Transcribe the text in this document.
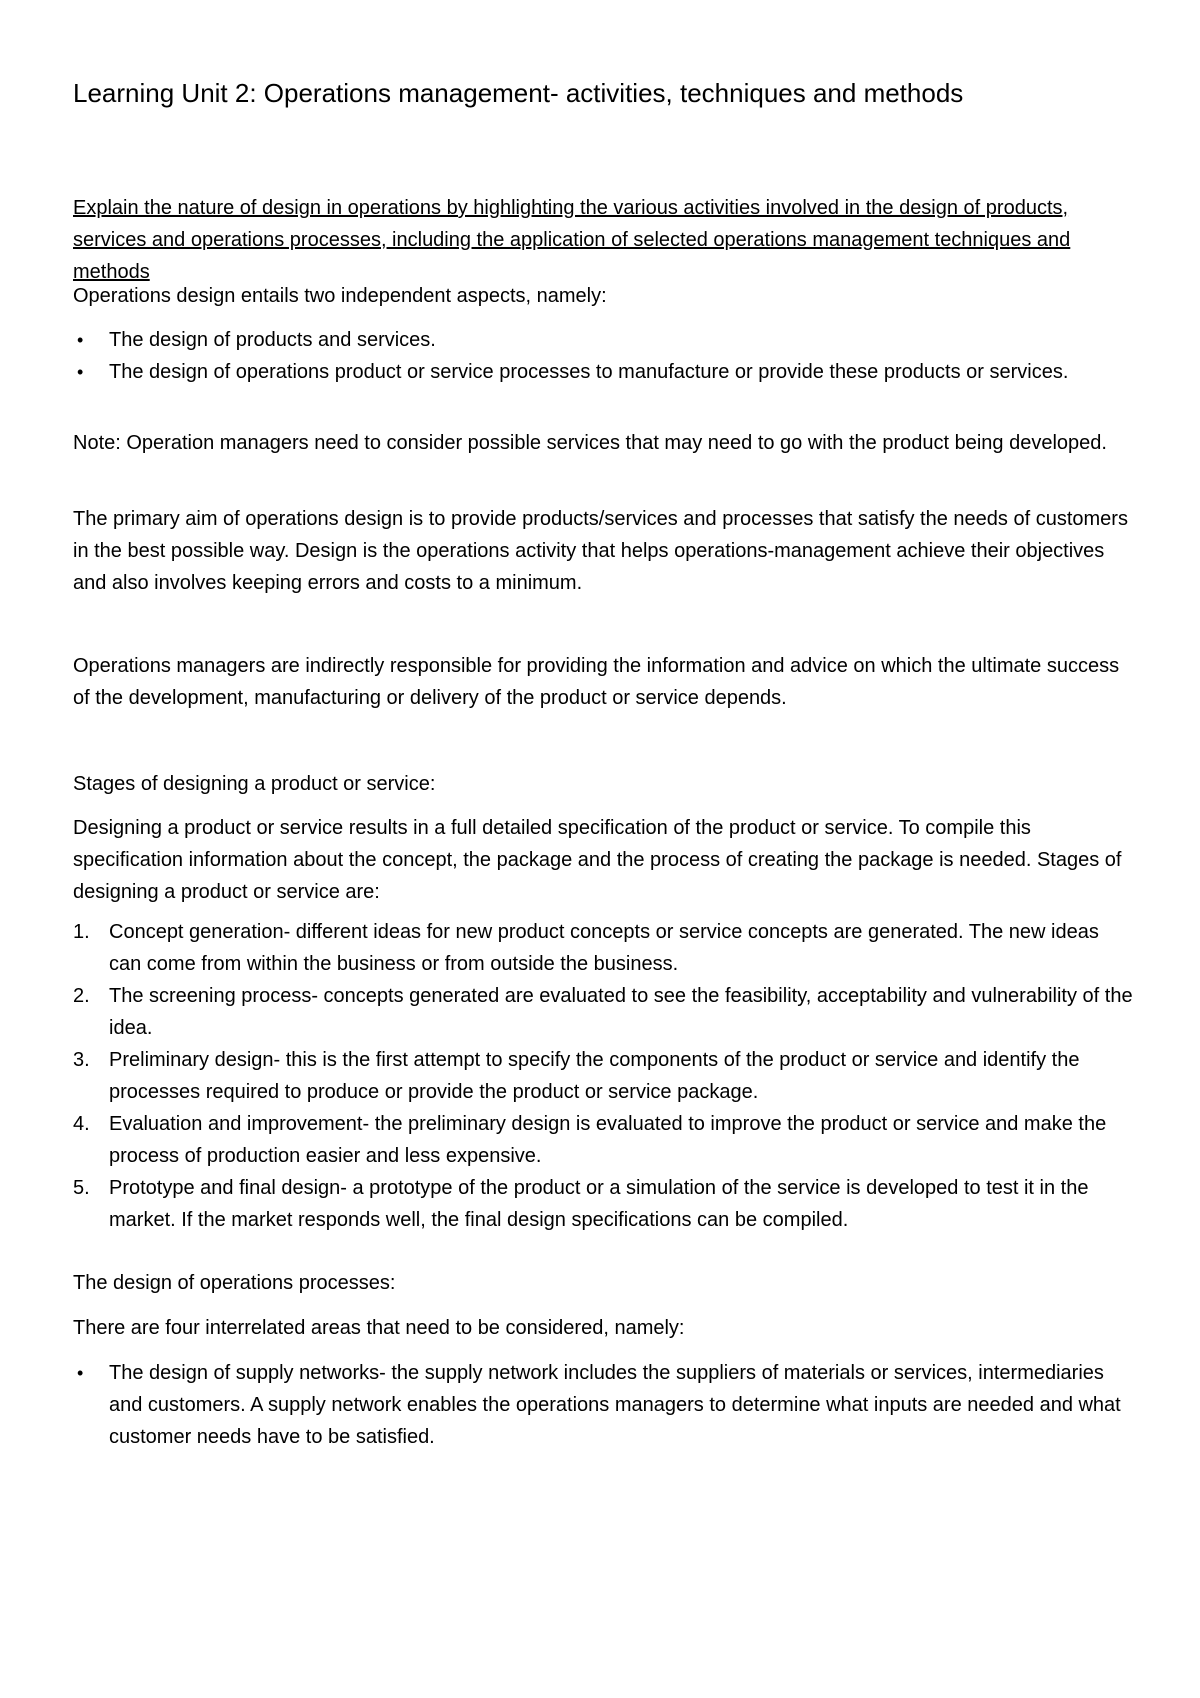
Learning Unit 2: Operations management- activities, techniques and methods
Explain the nature of design in operations by highlighting the various activities involved in the design of products, services and operations processes, including the application of selected operations management techniques and methods

Operations design entails two independent aspects, namely:

•	The design of products and services.
•	The design of operations product or service processes to manufacture or provide these products or services.

Note: Operation managers need to consider possible services that may need to go with the product being developed.

The primary aim of operations design is to provide products/services and processes that satisfy the needs of customers in the best possible way. Design is the operations activity that helps operations-management achieve their objectives and also involves keeping errors and costs to a minimum.

Operations managers are indirectly responsible for providing the information and advice on which the ultimate success of the development, manufacturing or delivery of the product or service depends.

Stages of designing a product or service:

Designing a product or service results in a full detailed specification of the product or service. To compile this specification information about the concept, the package and the process of creating the package is needed. Stages of designing a product or service are:

1. Concept generation- different ideas for new product concepts or service concepts are generated. The new ideas can come from within the business or from outside the business.
2. The screening process- concepts generated are evaluated to see the feasibility, acceptability and vulnerability of the idea.
3. Preliminary design- this is the first attempt to specify the components of the product or service and identify the processes required to produce or provide the product or service package.
4. Evaluation and improvement- the preliminary design is evaluated to improve the product or service and make the process of production easier and less expensive.
5. Prototype and final design- a prototype of the product or a simulation of the service is developed to test it in the market. If the market responds well, the final design specifications can be compiled.

The design of operations processes:

There are four interrelated areas that need to be considered, namely:

•	The design of supply networks- the supply network includes the suppliers of materials or services, intermediaries and customers. A supply network enables the operations managers to determine what inputs are needed and what customer needs have to be satisfied.
